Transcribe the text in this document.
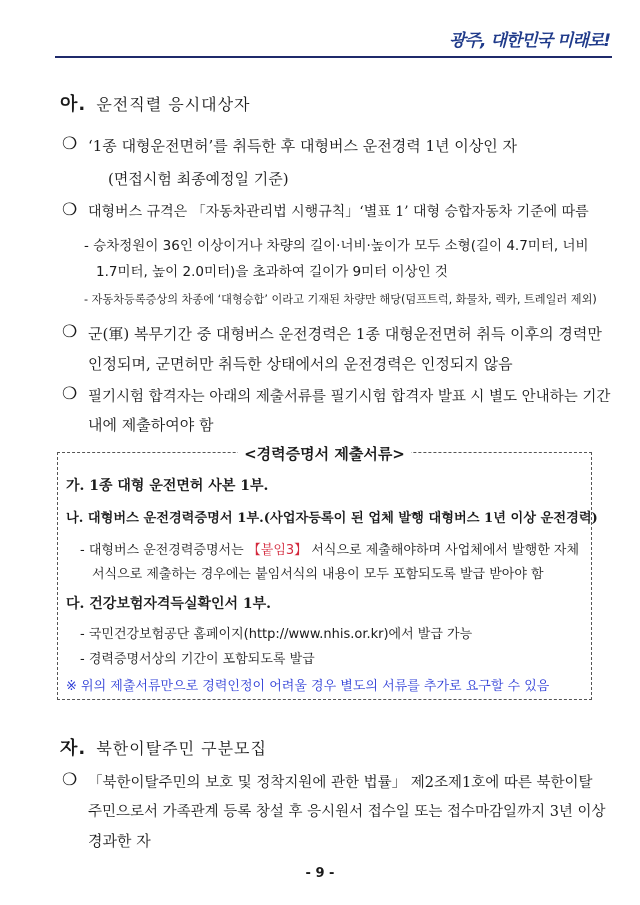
광주, 대한민국 미래로!
아. 운전직렬 응시대상자
❍ ‘1종 대형운전면허’를 취득한 후 대형버스 운전경력 1년 이상인 자
(면접시험 최종예정일 기준)
❍ 대형버스 규격은 「자동차관리법 시행규칙」‘별표 1’ 대형 승합자동차 기준에 따름
- 승차정원이 36인 이상이거나 차량의 길이·너비·높이가 모두 소형(길이 4.7미터, 너비
1.7미터, 높이 2.0미터)을 초과하여 길이가 9미터 이상인 것
- 자동차등록증상의 차종에 ‘대형승합’ 이라고 기재된 차량만 해당(덤프트럭, 화물차, 렉카, 트레일러 제외)
❍ 군(軍) 복무기간 중 대형버스 운전경력은 1종 대형운전면허 취득 이후의 경력만
인정되며, 군면허만 취득한 상태에서의 운전경력은 인정되지 않음
❍ 필기시험 합격자는 아래의 제출서류를 필기시험 합격자 발표 시 별도 안내하는 기간
내에 제출하여야 함
<경력증명서 제출서류>
가. 1종 대형 운전면허 사본 1부.
나. 대형버스 운전경력증명서 1부.(사업자등록이 된 업체 발행 대형버스 1년 이상 운전경력)
- 대형버스 운전경력증명서는 【붙임3】 서식으로 제출해야하며 사업체에서 발행한 자체
서식으로 제출하는 경우에는 붙임서식의 내용이 모두 포함되도록 발급 받아야 함
다. 건강보험자격득실확인서 1부.
- 국민건강보험공단 홈페이지(http://www.nhis.or.kr)에서 발급 가능
- 경력증명서상의 기간이 포함되도록 발급
※ 위의 제출서류만으로 경력인정이 어려울 경우 별도의 서류를 추가로 요구할 수 있음
자. 북한이탈주민 구분모집
❍ 「북한이탈주민의 보호 및 정착지원에 관한 법률」 제2조제1호에 따른 북한이탈
주민으로서 가족관계 등록 창설 후 응시원서 접수일 또는 접수마감일까지 3년 이상
경과한 자
- 9 -
